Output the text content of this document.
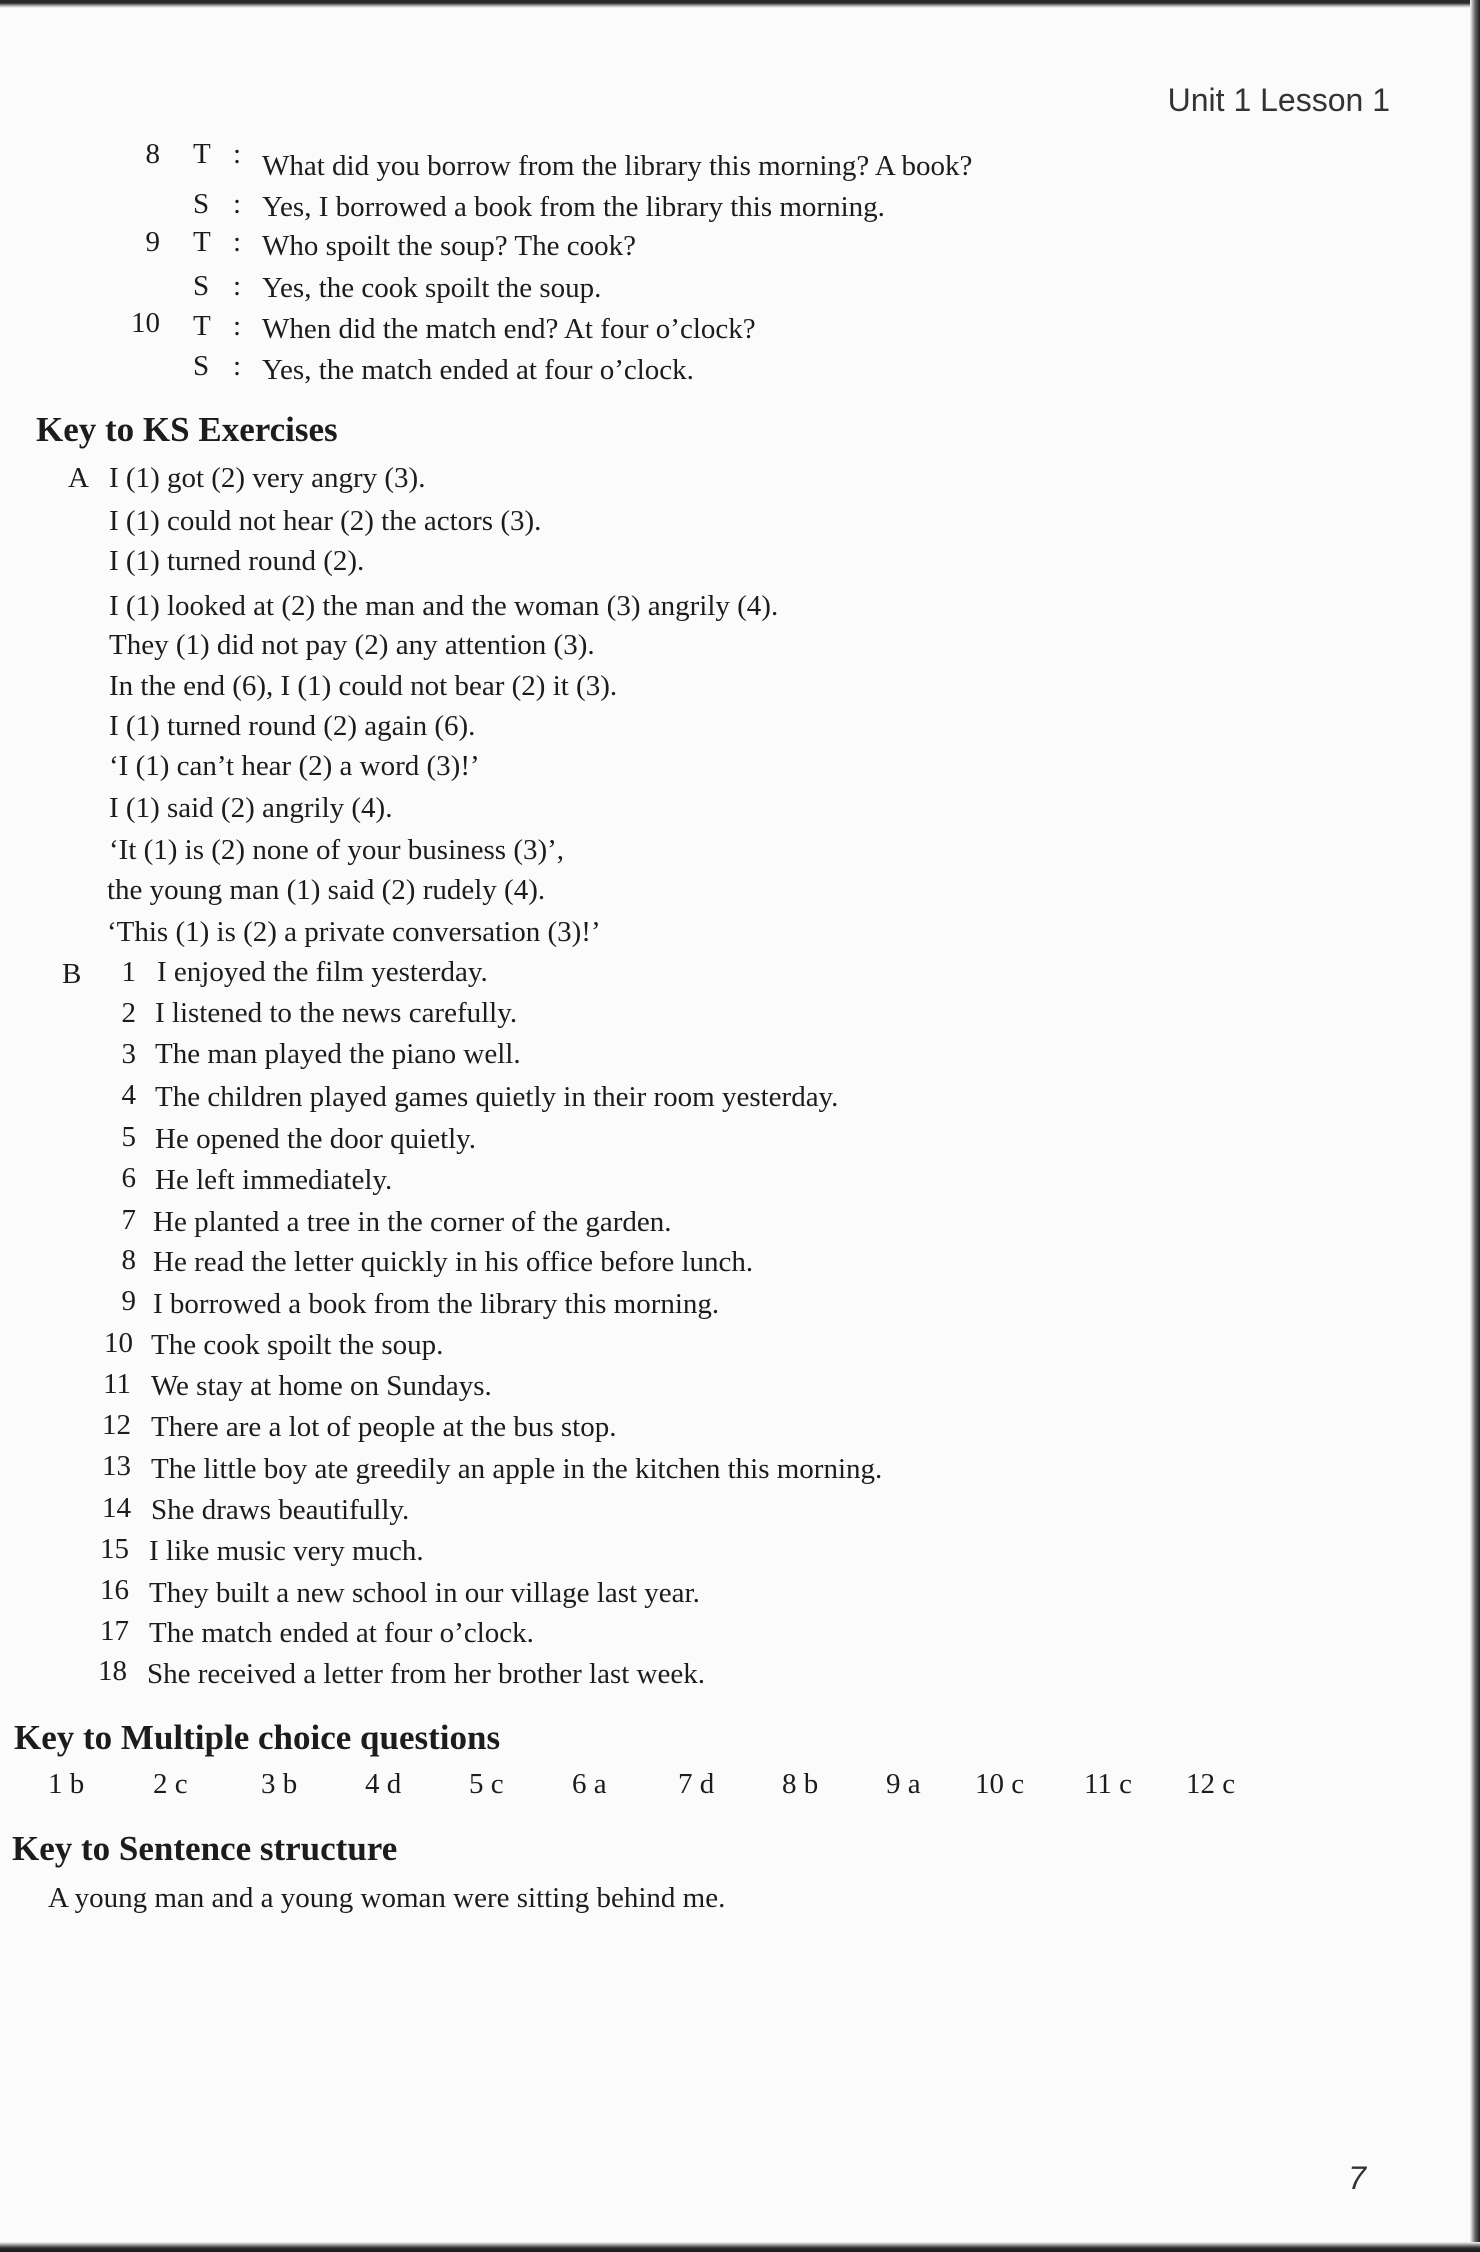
Unit 1 Lesson 1
8 T : What did you borrow from the library this morning? A book?
S : Yes, I borrowed a book from the library this morning.
9 T : Who spoilt the soup? The cook?
S : Yes, the cook spoilt the soup.
10 T : When did the match end? At four o’clock?
S : Yes, the match ended at four o’clock.
Key to KS Exercises
A I (1) got (2) very angry (3).
I (1) could not hear (2) the actors (3).
I (1) turned round (2).
I (1) looked at (2) the man and the woman (3) angrily (4).
They (1) did not pay (2) any attention (3).
In the end (6), I (1) could not bear (2) it (3).
I (1) turned round (2) again (6).
‘I (1) can’t hear (2) a word (3)!’
I (1) said (2) angrily (4).
‘It (1) is (2) none of your business (3)’,
the young man (1) said (2) rudely (4).
‘This (1) is (2) a private conversation (3)!’
B	1 I enjoyed the film yesterday.
2 I listened to the news carefully.
3 The man played the piano well.
4 The children played games quietly in their room yesterday.
5 He opened the door quietly.
6 He left immediately.
7 He planted a tree in the corner of the garden.
8 He read the letter quickly in his office before lunch.
9 I borrowed a book from the library this morning.
10 The cook spoilt the soup.
11 We stay at home on Sundays.
12 There are a lot of people at the bus stop.
13 The little boy ate greedily an apple in the kitchen this morning.
14 She draws beautifully.
15 I like music very much.
16 They built a new school in our village last year.
17 The match ended at four o’clock.
18 She received a letter from her brother last week.
Key to Multiple choice questions
1 b 2 c	3 b 4 d 5 c 6 a 7 d 8 b 9 a 10 c 11 c 12 c
Key to Sentence structure
A young man and a young woman were sitting behind me.
7
